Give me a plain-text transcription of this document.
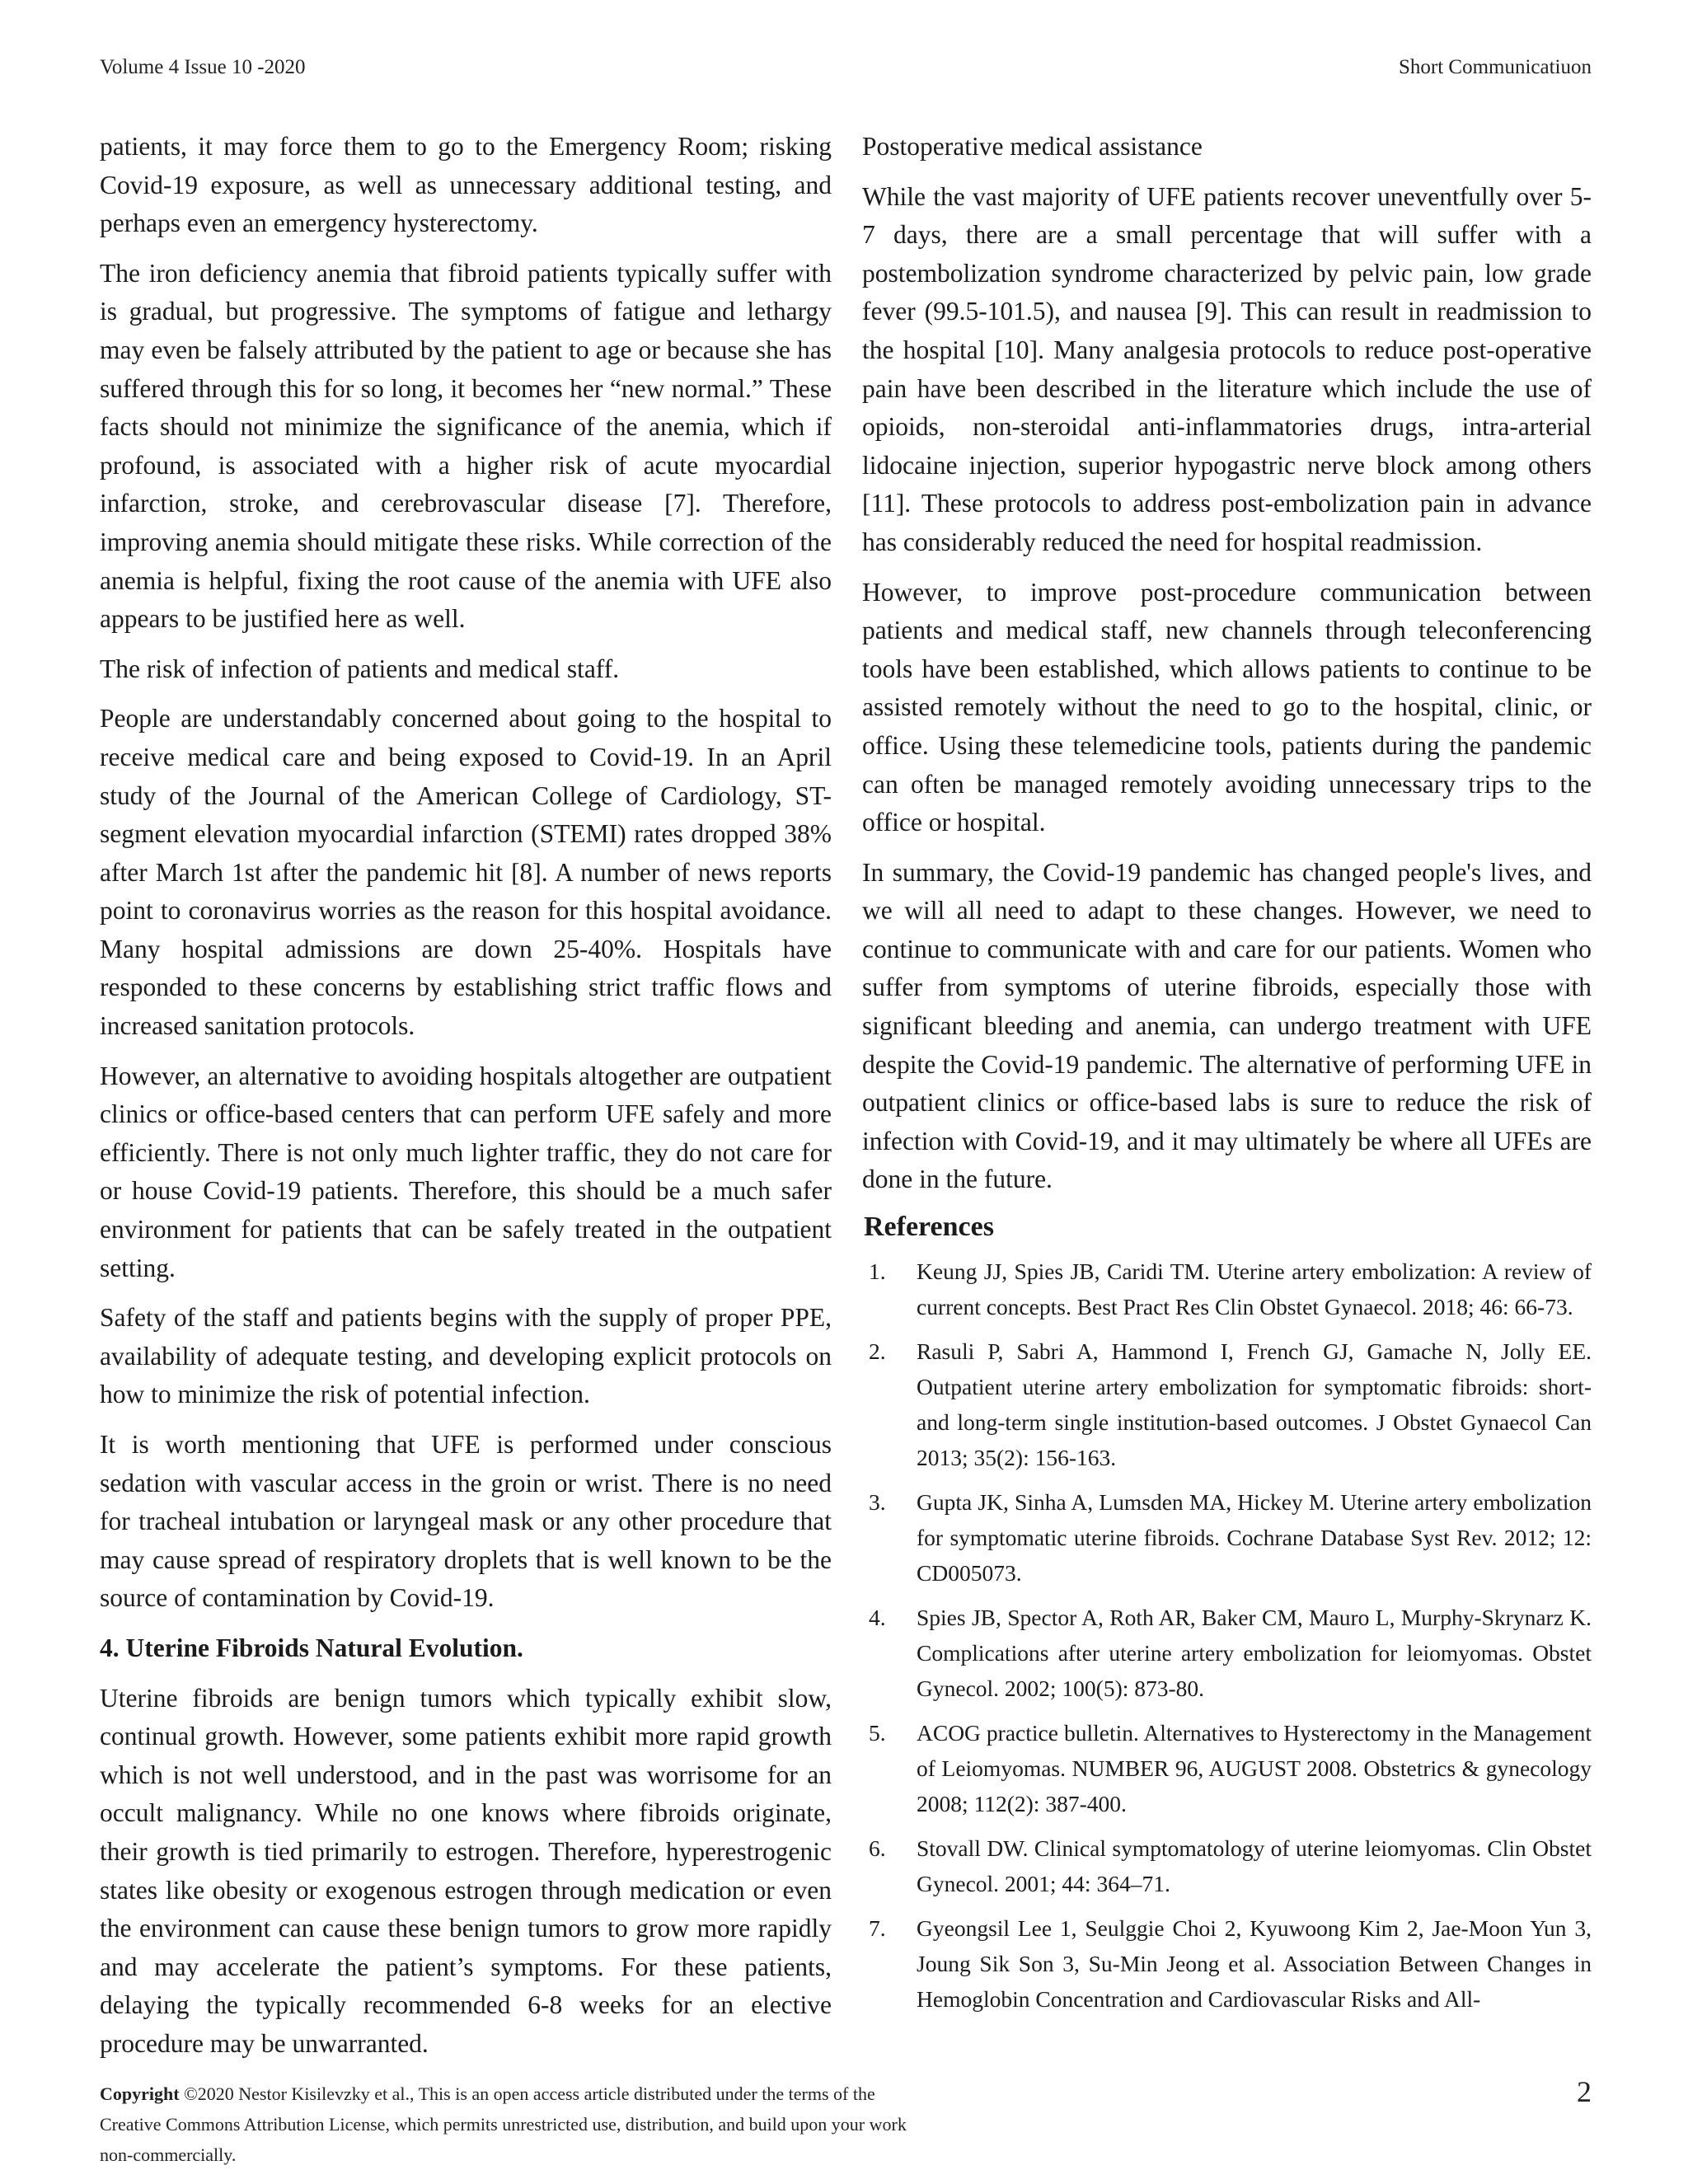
Volume 4 Issue 10 -2020	Short Communicatiuon

patients, it may force them to go to the Emergency Room; risking Covid-19 exposure, as well as unnecessary additional testing, and perhaps even an emergency hysterectomy.

The iron deficiency anemia that fibroid patients typically suffer with is gradual, but progressive. The symptoms of fatigue and lethargy may even be falsely attributed by the patient to age or because she has suffered through this for so long, it becomes her “new normal.” These facts should not minimize the significance of the anemia, which if profound, is associated with a higher risk of acute myocardial infarction, stroke, and cerebrovascular disease [7]. Therefore, improving anemia should mitigate these risks. While correction of the anemia is helpful, fixing the root cause of the anemia with UFE also appears to be justified here as well.

The risk of infection of patients and medical staff.

People are understandably concerned about going to the hospital to receive medical care and being exposed to Covid-19. In an April study of the Journal of the American College of Cardiology, ST-segment elevation myocardial infarction (STEMI) rates dropped 38% after March 1st after the pandemic hit [8]. A number of news reports point to coronavirus worries as the reason for this hospital avoidance. Many hospital admissions are down 25-40%. Hospitals have responded to these concerns by establishing strict traffic flows and increased sanitation protocols.

However, an alternative to avoiding hospitals altogether are outpatient clinics or office-based centers that can perform UFE safely and more efficiently. There is not only much lighter traffic, they do not care for or house Covid-19 patients. Therefore, this should be a much safer environment for patients that can be safely treated in the outpatient setting.

Safety of the staff and patients begins with the supply of proper PPE, availability of adequate testing, and developing explicit protocols on how to minimize the risk of potential infection.

It is worth mentioning that UFE is performed under conscious sedation with vascular access in the groin or wrist. There is no need for tracheal intubation or laryngeal mask or any other procedure that may cause spread of respiratory droplets that is well known to be the source of contamination by Covid-19.

4. Uterine Fibroids Natural Evolution.

Uterine fibroids are benign tumors which typically exhibit slow, continual growth. However, some patients exhibit more rapid growth which is not well understood, and in the past was worrisome for an occult malignancy. While no one knows where fibroids originate, their growth is tied primarily to estrogen. Therefore, hyperestrogenic states like obesity or exogenous estrogen through medication or even the environment can cause these benign tumors to grow more rapidly and may accelerate the patient’s symptoms. For these patients, delaying the typically recommended 6-8 weeks for an elective procedure may be unwarranted.

Postoperative medical assistance

While the vast majority of UFE patients recover uneventfully over 5-7 days, there are a small percentage that will suffer with a postembolization syndrome characterized by pelvic pain, low grade fever (99.5-101.5), and nausea [9]. This can result in readmission to the hospital [10]. Many analgesia protocols to reduce post-operative pain have been described in the literature which include the use of opioids, non-steroidal anti-inflammatories drugs, intra-arterial lidocaine injection, superior hypogastric nerve block among others [11]. These protocols to address post-embolization pain in advance has considerably reduced the need for hospital readmission.

However, to improve post-procedure communication between patients and medical staff, new channels through teleconferencing tools have been established, which allows patients to continue to be assisted remotely without the need to go to the hospital, clinic, or office. Using these telemedicine tools, patients during the pandemic can often be managed remotely avoiding unnecessary trips to the office or hospital.

In summary, the Covid-19 pandemic has changed people's lives, and we will all need to adapt to these changes. However, we need to continue to communicate with and care for our patients. Women who suffer from symptoms of uterine fibroids, especially those with significant bleeding and anemia, can undergo treatment with UFE despite the Covid-19 pandemic. The alternative of performing UFE in outpatient clinics or office-based labs is sure to reduce the risk of infection with Covid-19, and it may ultimately be where all UFEs are done in the future.

References
1.	Keung JJ, Spies JB, Caridi TM. Uterine artery embolization: A review of current concepts. Best Pract Res Clin Obstet Gynaecol. 2018; 46: 66-73.
2.	Rasuli P, Sabri A, Hammond I, French GJ, Gamache N, Jolly EE. Outpatient uterine artery embolization for symptomatic fibroids: short- and long-term single institution-based outcomes. J Obstet Gynaecol Can 2013; 35(2): 156-163.
3.	Gupta JK, Sinha A, Lumsden MA, Hickey M. Uterine artery embolization for symptomatic uterine fibroids. Cochrane Database Syst Rev. 2012; 12: CD005073.
4.	Spies JB, Spector A, Roth AR, Baker CM, Mauro L, Murphy-Skrynarz K. Complications after uterine artery embolization for leiomyomas. Obstet Gynecol. 2002; 100(5): 873-80.
5.	ACOG practice bulletin. Alternatives to Hysterectomy in the Management of Leiomyomas. NUMBER 96, AUGUST 2008. Obstetrics & gynecology 2008; 112(2): 387-400.
6.	Stovall DW. Clinical symptomatology of uterine leiomyomas. Clin Obstet Gynecol. 2001; 44: 364–71.
7.	Gyeongsil Lee 1, Seulggie Choi 2, Kyuwoong Kim 2, Jae-Moon Yun 3, Joung Sik Son 3, Su-Min Jeong et al. Association Between Changes in Hemoglobin Concentration and Cardiovascular Risks and All-
Copyright ©2020 Nestor Kisilevzky et al., This is an open access article distributed under the terms of the Creative Commons Attribution License, which permits unrestricted use, distribution, and build upon your work non-commercially.
2
